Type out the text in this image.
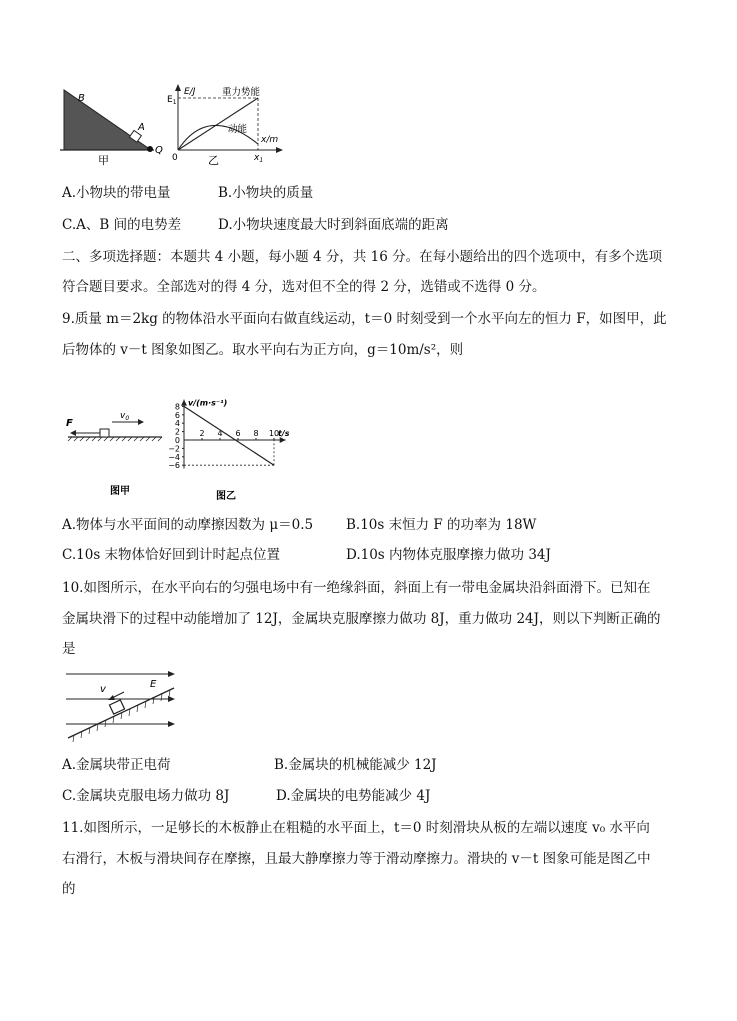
B
A
Q
甲
E/J
x/m
$E_1$
0	$x_1$
重力势能
动能
乙
A.小物块的带电量	B.小物块的质量
C.A、B 间的电势差	D.小物块速度最大时到斜面底端的距离
二、多项选择题：本题共 4 小题，每小题 4 分，共 16 分。在每小题给出的四个选项中，有多个选项
符合题目要求。全部选对的得 4 分，选对但不全的得 2 分，选错或不选得 0 分。
9.质量 m＝2kg 的物体沿水平面向右做直线运动，t＝0 时刻受到一个水平向左的恒力 F，如图甲，此
后物体的 v－t 图象如图乙。取水平向右为正方向，g＝10m/s²，则
F
$v_0$
图甲
8
6
4
2
0
−2
−4
−6
2 4 6 8 10
v/(m·s⁻¹)
t/s
图乙
A.物体与水平面间的动摩擦因数为 μ＝0.5 B.10s 末恒力 F 的功率为 18W
C.10s 末物体恰好回到计时起点位置	D.10s 内物体克服摩擦力做功 34J
10.如图所示，在水平向右的匀强电场中有一绝缘斜面，斜面上有一带电金属块沿斜面滑下。已知在
金属块滑下的过程中动能增加了 12J，金属块克服摩擦力做功 8J，重力做功 24J，则以下判断正确的
是
v	E
A.金属块带正电荷	B.金属块的机械能减少 12J
C.金属块克服电场力做功 8J	D.金属块的电势能减少 4J
11.如图所示，一足够长的木板静止在粗糙的水平面上，t＝0 时刻滑块从板的左端以速度 v₀ 水平向
右滑行，木板与滑块间存在摩擦，且最大静摩擦力等于滑动摩擦力。滑块的 v－t 图象可能是图乙中
的
